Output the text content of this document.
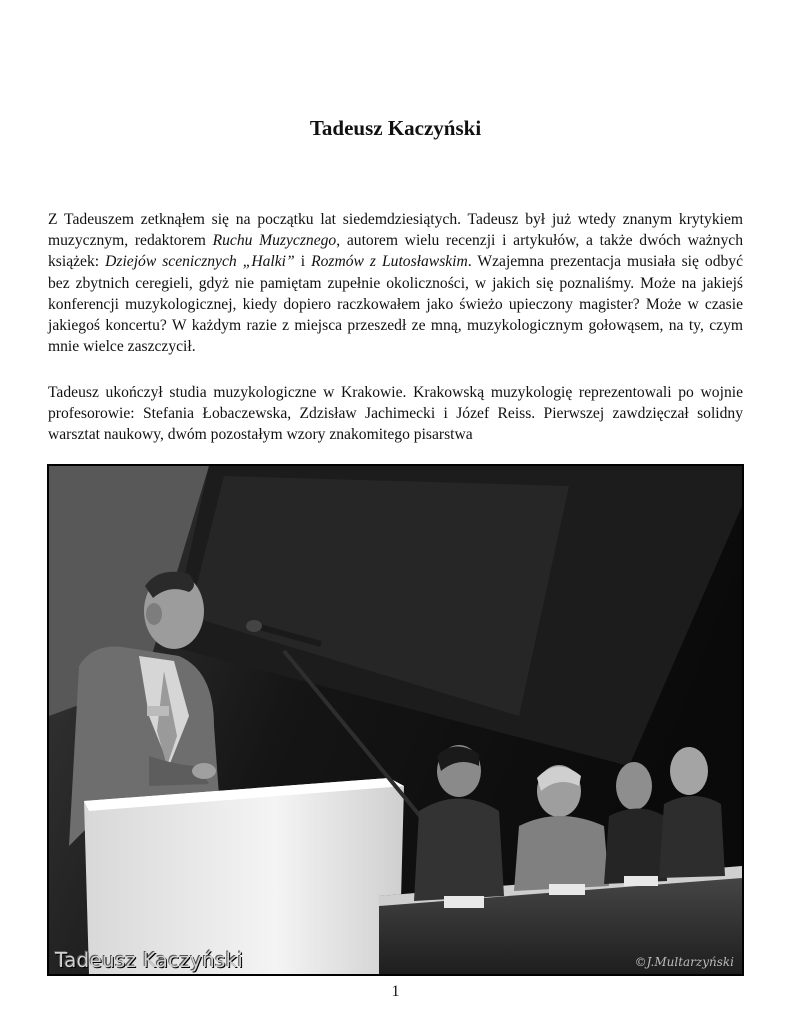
Tadeusz Kaczyński

Z Tadeuszem zetknąłem się na początku lat siedemdziesiątych. Tadeusz był już wtedy znanym krytykiem muzycznym, redaktorem Ruchu Muzycznego, autorem wielu recenzji i artykułów, a także dwóch ważnych książek: Dziejów scenicznych „Halki” i Rozmów z Lutosławskim. Wzajemna prezentacja musiała się odbyć bez zbytnich ceregieli, gdyż nie pamiętam zupełnie okoliczności, w jakich się poznaliśmy. Może na jakiejś konferencji muzykologicznej, kiedy dopiero raczkowałem jako świeżo upieczony magister? Może w czasie jakiegoś koncertu? W każdym razie z miejsca przeszedł ze mną, muzykologicznym gołowąsem, na ty, czym mnie wielce zaszczycił.

Tadeusz ukończył studia muzykologiczne w Krakowie. Krakowską muzykologię reprezentowali po wojnie profesorowie: Stefania Łobaczewska, Zdzisław Jachimecki i Józef Reiss. Pierwszej zawdzięczał solidny warsztat naukowy, dwóm pozostałym wzory znakomitego pisarstwa

Tadeusz Kaczyński	©J.Multarzyński
1
